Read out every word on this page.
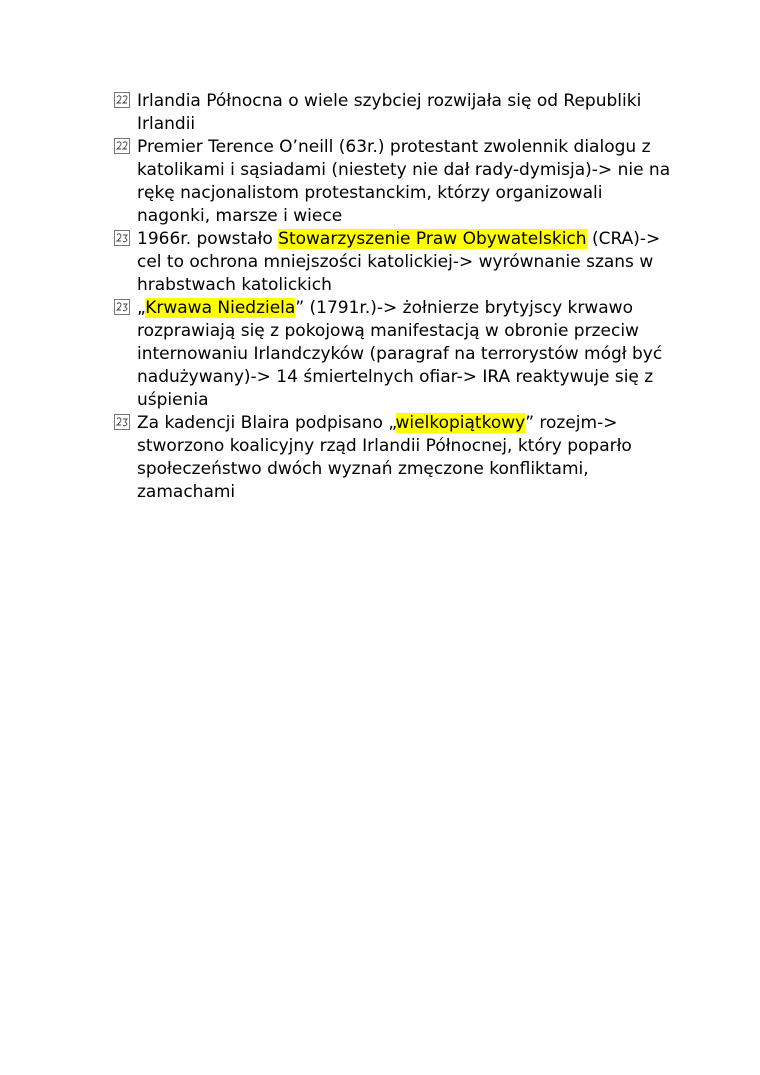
Irlandia Północna o wiele szybciej rozwijała się od Republiki Irlandii
Premier Terence O’neill (63r.) protestant zwolennik dialogu z katolikami i sąsiadami (niestety nie dał rady-dymisja)-> nie na rękę nacjonalistom protestanckim, którzy organizowali nagonki, marsze i wiece
1966r. powstało Stowarzyszenie Praw Obywatelskich (CRA)-> cel to ochrona mniejszości katolickiej-> wyrównanie szans w hrabstwach katolickich
„Krwawa Niedziela” (1791r.)-> żołnierze brytyjscy krwawo rozprawiają się z pokojową manifestacją w obronie przeciw internowaniu Irlandczyków (paragraf na terrorystów mógł być nadużywany)-> 14 śmiertelnych ofiar-> IRA reaktywuje się z uśpienia
Za kadencji Blaira podpisano „wielkopiątkowy” rozejm-> stworzono koalicyjny rząd Irlandii Północnej, który poparło społeczeństwo dwóch wyznań zmęczone konfliktami, zamachami
